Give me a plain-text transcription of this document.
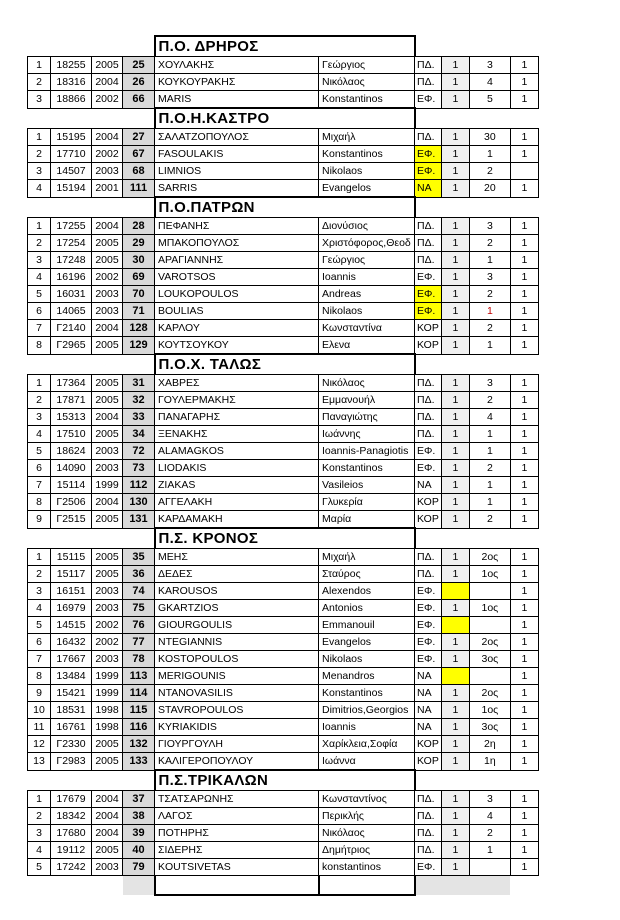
				Π.Ο. ΔΡΗΡΟΣ					
1	18255	2005	25	ΧΟΥΛΑΚΗΣ	Γεώργιος	ΠΔ.	1	3	1
2	18316	2004	26	ΚΟΥΚΟΥΡΑΚΗΣ	Νικόλαος	ΠΔ.	1	4	1
3	18866	2002	66	MARIS	Konstantinos	ΕΦ.	1	5	1
				Π.Ο.Η.ΚΑΣΤΡΟ					
1	15195	2004	27	ΣΑΛΑΤΖΟΠΟΥΛΟΣ	Μιχαήλ	ΠΔ.	1	30	1
2	17710	2002	67	FASOULAKIS	Konstantinos	ΕΦ.	1	1	1
3	14507	2003	68	LIMNIOS	Nikolaos	ΕΦ.	1	2	
4	15194	2001	111	SARRIS	Evangelos	ΝΑ	1	20	1
				Π.Ο.ΠΑΤΡΩΝ					
1	17255	2004	28	ΠΕΦΑΝΗΣ	Διονύσιος	ΠΔ.	1	3	1
2	17254	2005	29	ΜΠΑΚΟΠΟΥΛΟΣ	Χριστόφορος,Θεοδ	ΠΔ.	1	2	1
3	17248	2005	30	ΑΡΑΓΙΑΝΝΗΣ	Γεώργιος	ΠΔ.	1	1	1
4	16196	2002	69	VAROTSOS	Ioannis	ΕΦ.	1	3	1
5	16031	2003	70	LOUKOPOULOS	Andreas	ΕΦ.	1	2	1
6	14065	2003	71	BOULIAS	Nikolaos	ΕΦ.	1	1	1
7	Γ2140	2004	128	ΚΑΡΛΟΥ	Κωνσταντίνα	ΚΟΡ	1	2	1
8	Γ2965	2005	129	ΚΟΥΤΣΟΥΚΟΥ	Ελενα	ΚΟΡ	1	1	1
				Π.Ο.Χ. ΤΑΛΩΣ					
1	17364	2005	31	ΧΑΒΡΕΣ	Νικόλαος	ΠΔ.	1	3	1
2	17871	2005	32	ΓΟΥΛΕΡΜΑΚΗΣ	Εμμανουήλ	ΠΔ.	1	2	1
3	15313	2004	33	ΠΑΝΑΓΑΡΗΣ	Παναγιώτης	ΠΔ.	1	4	1
4	17510	2005	34	ΞΕΝΑΚΗΣ	Ιωάννης	ΠΔ.	1	1	1
5	18624	2003	72	ALAMAGKOS	Ioannis-Panagiotis	ΕΦ.	1	1	1
6	14090	2003	73	LIODAKIS	Konstantinos	ΕΦ.	1	2	1
7	15114	1999	112	ZIAKAS	Vasileios	ΝΑ	1	1	1
8	Γ2506	2004	130	ΑΓΓΕΛΑΚΗ	Γλυκερία	ΚΟΡ	1	1	1
9	Γ2515	2005	131	ΚΑΡΔΑΜΑΚΗ	Μαρία	ΚΟΡ	1	2	1
				Π.Σ. ΚΡΟΝΟΣ					
1	15115	2005	35	ΜΕΗΣ	Μιχαήλ	ΠΔ.	1	2ος	1
2	15117	2005	36	ΔΕΔΕΣ	Σταύρος	ΠΔ.	1	1ος	1
3	16151	2003	74	KAROUSOS	Alexendos	ΕΦ.			1
4	16979	2003	75	GKARTZIOS	Antonios	ΕΦ.	1	1ος	1
5	14515	2002	76	GIOURGOULIS	Emmanouil	ΕΦ.			1
6	16432	2002	77	NTEGIANNIS	Evangelos	ΕΦ.	1	2ος	1
7	17667	2003	78	KOSTOPOULOS	Nikolaos	ΕΦ.	1	3ος	1
8	13484	1999	113	MERIGOUNIS	Menandros	ΝΑ			1
9	15421	1999	114	NTANOVASILIS	Konstantinos	ΝΑ	1	2ος	1
10	18531	1998	115	STAVROPOULOS	Dimitrios,Georgios	ΝΑ	1	1ος	1
11	16761	1998	116	KYRIAKIDIS	Ioannis	ΝΑ	1	3ος	1
12	Γ2330	2005	132	ΓΙΟΥΡΓΟΥΛΗ	Χαρίκλεια,Σοφία	ΚΟΡ	1	2η	1
13	Γ2983	2005	133	ΚΑΛΙΓΕΡΟΠΟΥΛΟΥ	Ιωάννα	ΚΟΡ	1	1η	1
				Π.Σ.ΤΡΙΚΑΛΩΝ					
1	17679	2004	37	ΤΣΑΤΣΑΡΩΝΗΣ	Κωνσταντίνος	ΠΔ.	1	3	1
2	18342	2004	38	ΛΑΓΟΣ	Περικλής	ΠΔ.	1	4	1
3	17680	2004	39	ΠΟΤΗΡΗΣ	Νικόλαος	ΠΔ.	1	2	1
4	19112	2005	40	ΣΙΔΕΡΗΣ	Δημήτριος	ΠΔ.	1	1	1
5	17242	2003	79	KOUTSIVETAS	konstantinos	ΕΦ.	1		1
